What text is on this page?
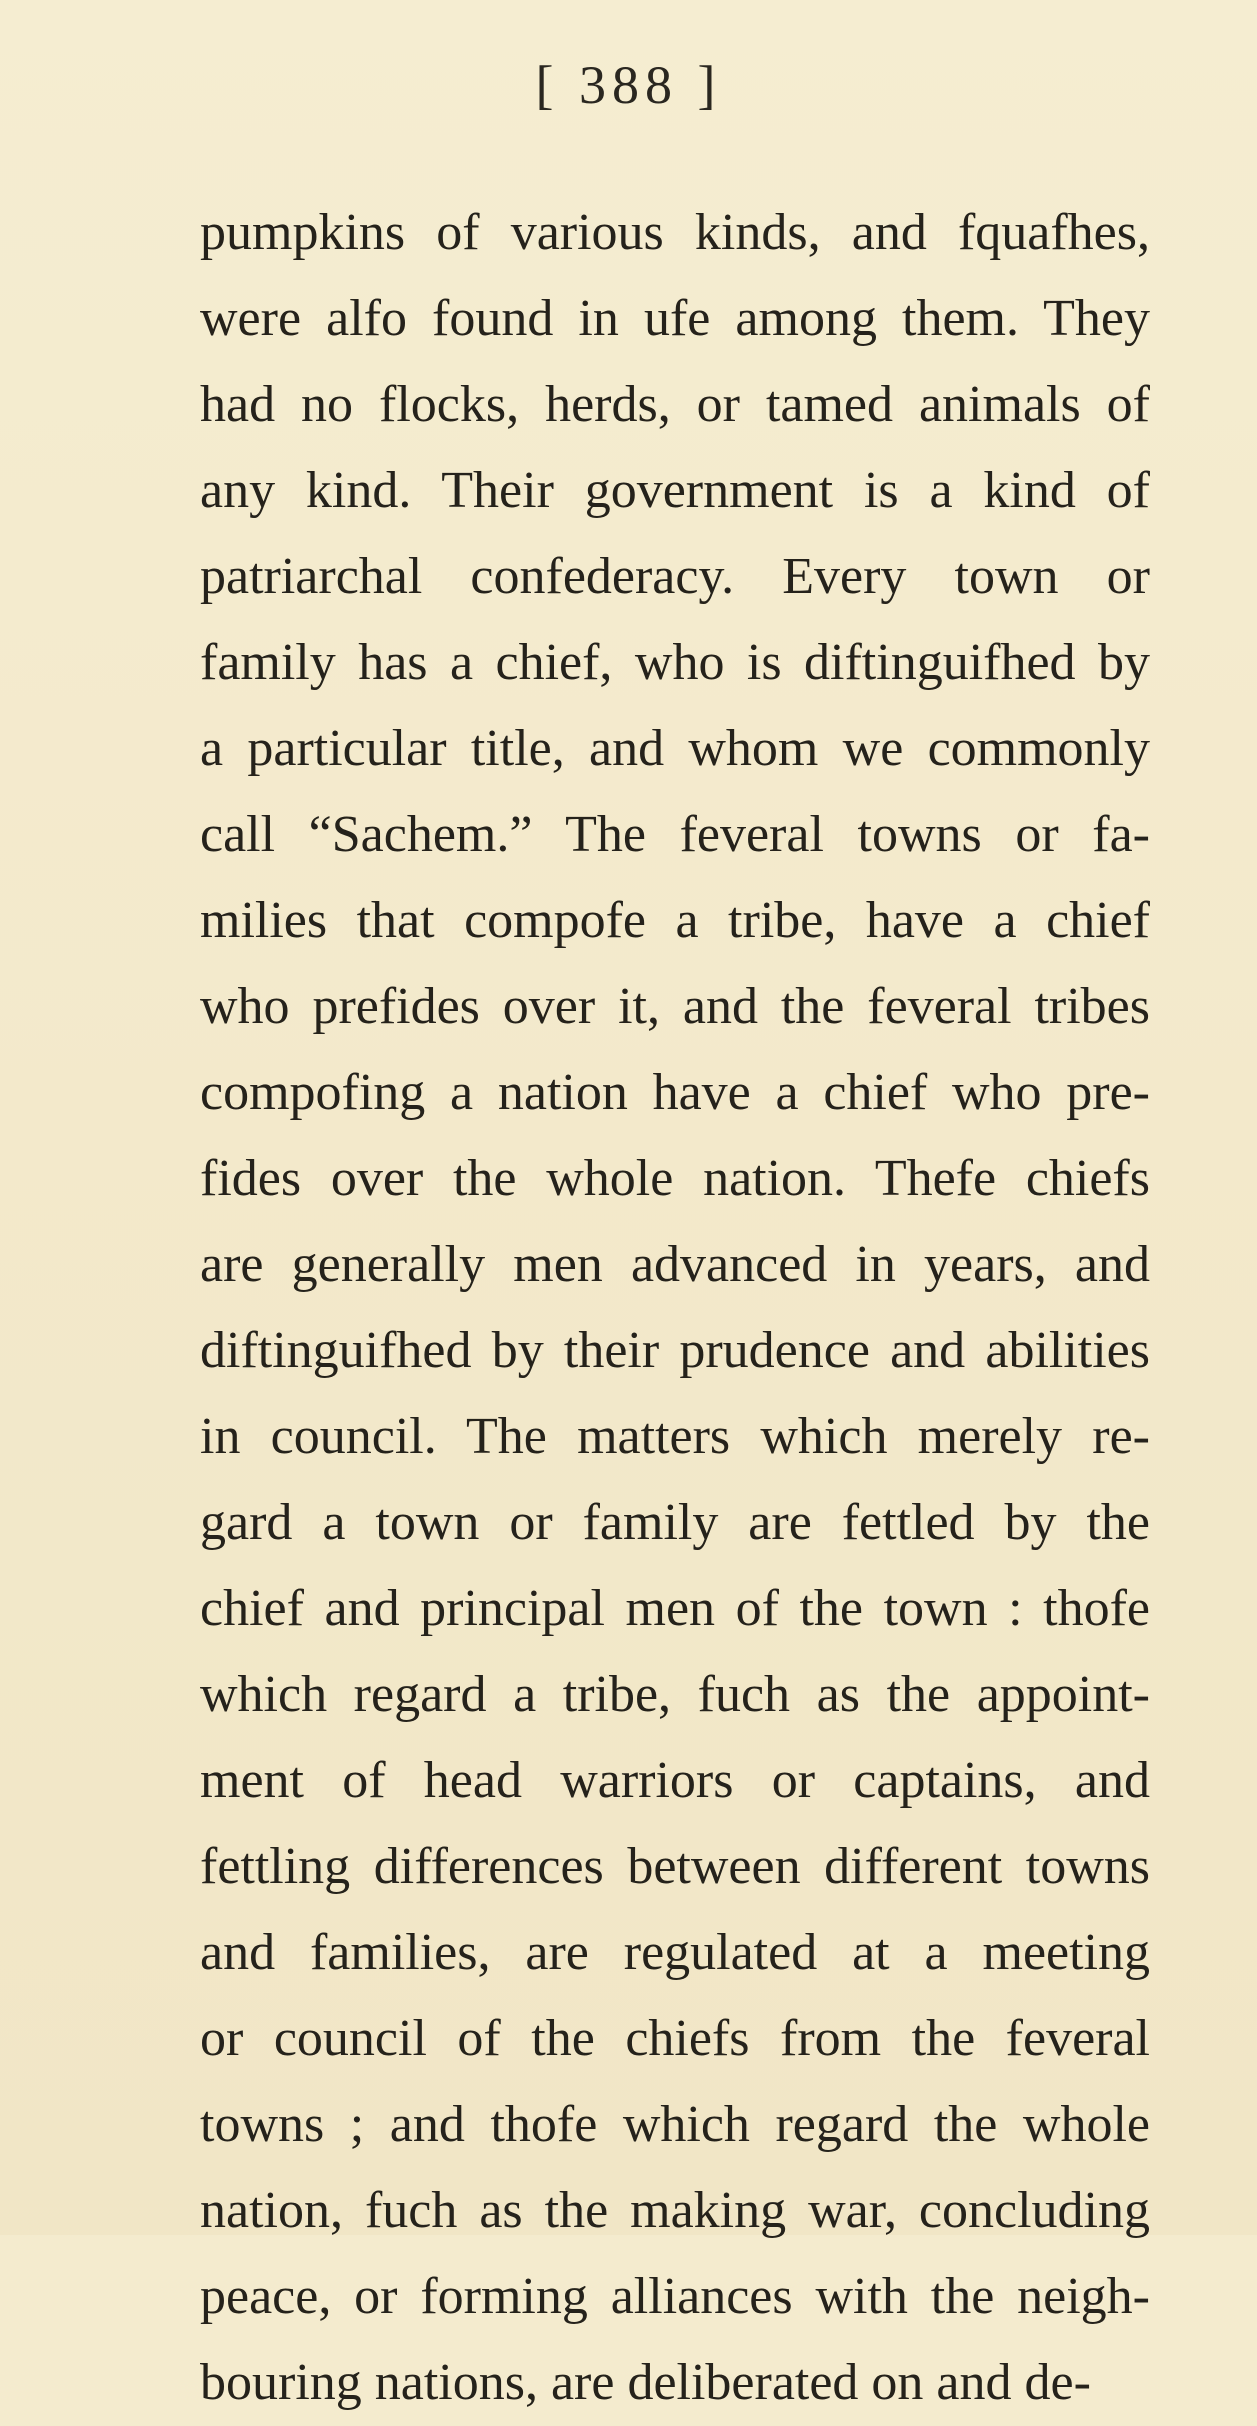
[ 388 ]
pumpkins of various kinds, and fquafhes,
were alfo found in ufe among them. They
had no flocks, herds, or tamed animals of
any kind. Their government is a kind of
patriarchal confederacy. Every town or
family has a chief, who is diftinguifhed by
a particular title, and whom we commonly
call “Sachem.” The feveral towns or fa-
milies that compofe a tribe, have a chief
who prefides over it, and the feveral tribes
compofing a nation have a chief who pre-
fides over the whole nation. Thefe chiefs
are generally men advanced in years, and
diftinguifhed by their prudence and abilities
in council. The matters which merely re-
gard a town or family are fettled by the
chief and principal men of the town : thofe
which regard a tribe, fuch as the appoint-
ment of head warriors or captains, and
fettling differences between different towns
and families, are regulated at a meeting
or council of the chiefs from the feveral
towns ; and thofe which regard the whole
nation, fuch as the making war, concluding
peace, or forming alliances with the neigh-
bouring nations, are deliberated on and de-
